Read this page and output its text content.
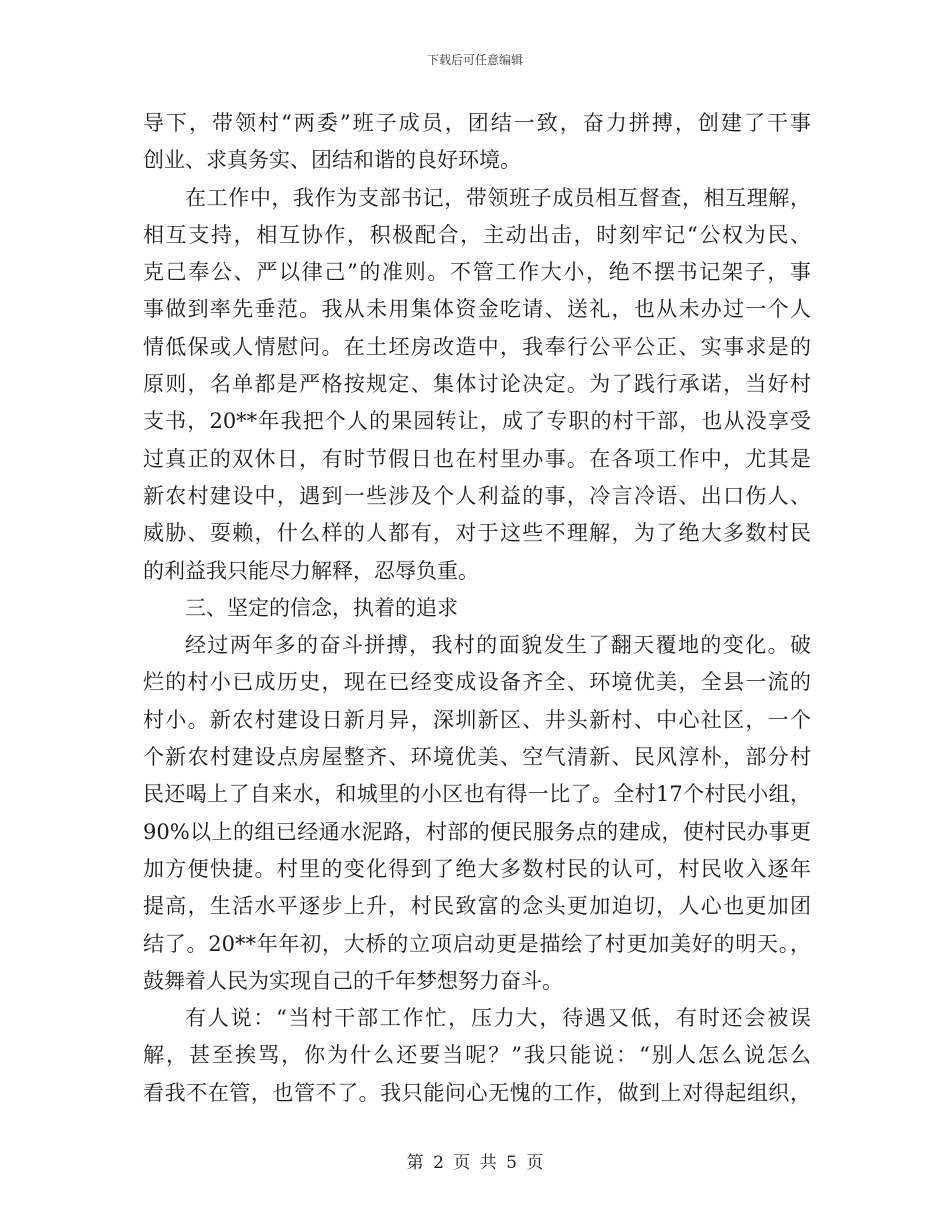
下载后可任意编辑
导下，带领村“两委”班子成员，团结一致，奋力拼搏，创建了干事
创业、求真务实、团结和谐的良好环境。
在工作中，我作为支部书记，带领班子成员相互督查，相互理解，
相互支持，相互协作，积极配合，主动出击，时刻牢记“公权为民、
克己奉公、严以律己”的准则。不管工作大小，绝不摆书记架子，事
事做到率先垂范。我从未用集体资金吃请、送礼，也从未办过一个人
情低保或人情慰问。在土坯房改造中，我奉行公平公正、实事求是的
原则，名单都是严格按规定、集体讨论决定。为了践行承诺，当好村
支书，20**年我把个人的果园转让，成了专职的村干部，也从没享受
过真正的双休日，有时节假日也在村里办事。在各项工作中，尤其是
新农村建设中，遇到一些涉及个人利益的事，冷言冷语、出口伤人、
威胁、耍赖，什么样的人都有，对于这些不理解，为了绝大多数村民
的利益我只能尽力解释，忍辱负重。
三、坚定的信念，执着的追求
经过两年多的奋斗拼搏，我村的面貌发生了翻天覆地的变化。破
烂的村小已成历史，现在已经变成设备齐全、环境优美，全县一流的
村小。新农村建设日新月异，深圳新区、井头新村、中心社区，一个
个新农村建设点房屋整齐、环境优美、空气清新、民风淳朴，部分村
民还喝上了自来水，和城里的小区也有得一比了。全村17个村民小组，
90%以上的组已经通水泥路，村部的便民服务点的建成，使村民办事更
加方便快捷。村里的变化得到了绝大多数村民的认可，村民收入逐年
提高，生活水平逐步上升，村民致富的念头更加迫切，人心也更加团
结了。20**年年初，大桥的立项启动更是描绘了村更加美好的明天。，
鼓舞着人民为实现自己的千年梦想努力奋斗。
有人说：“当村干部工作忙，压力大，待遇又低，有时还会被误
解，甚至挨骂，你为什么还要当呢？”我只能说：“别人怎么说怎么
看我不在管，也管不了。我只能问心无愧的工作，做到上对得起组织，
第 2 页 共 5 页
